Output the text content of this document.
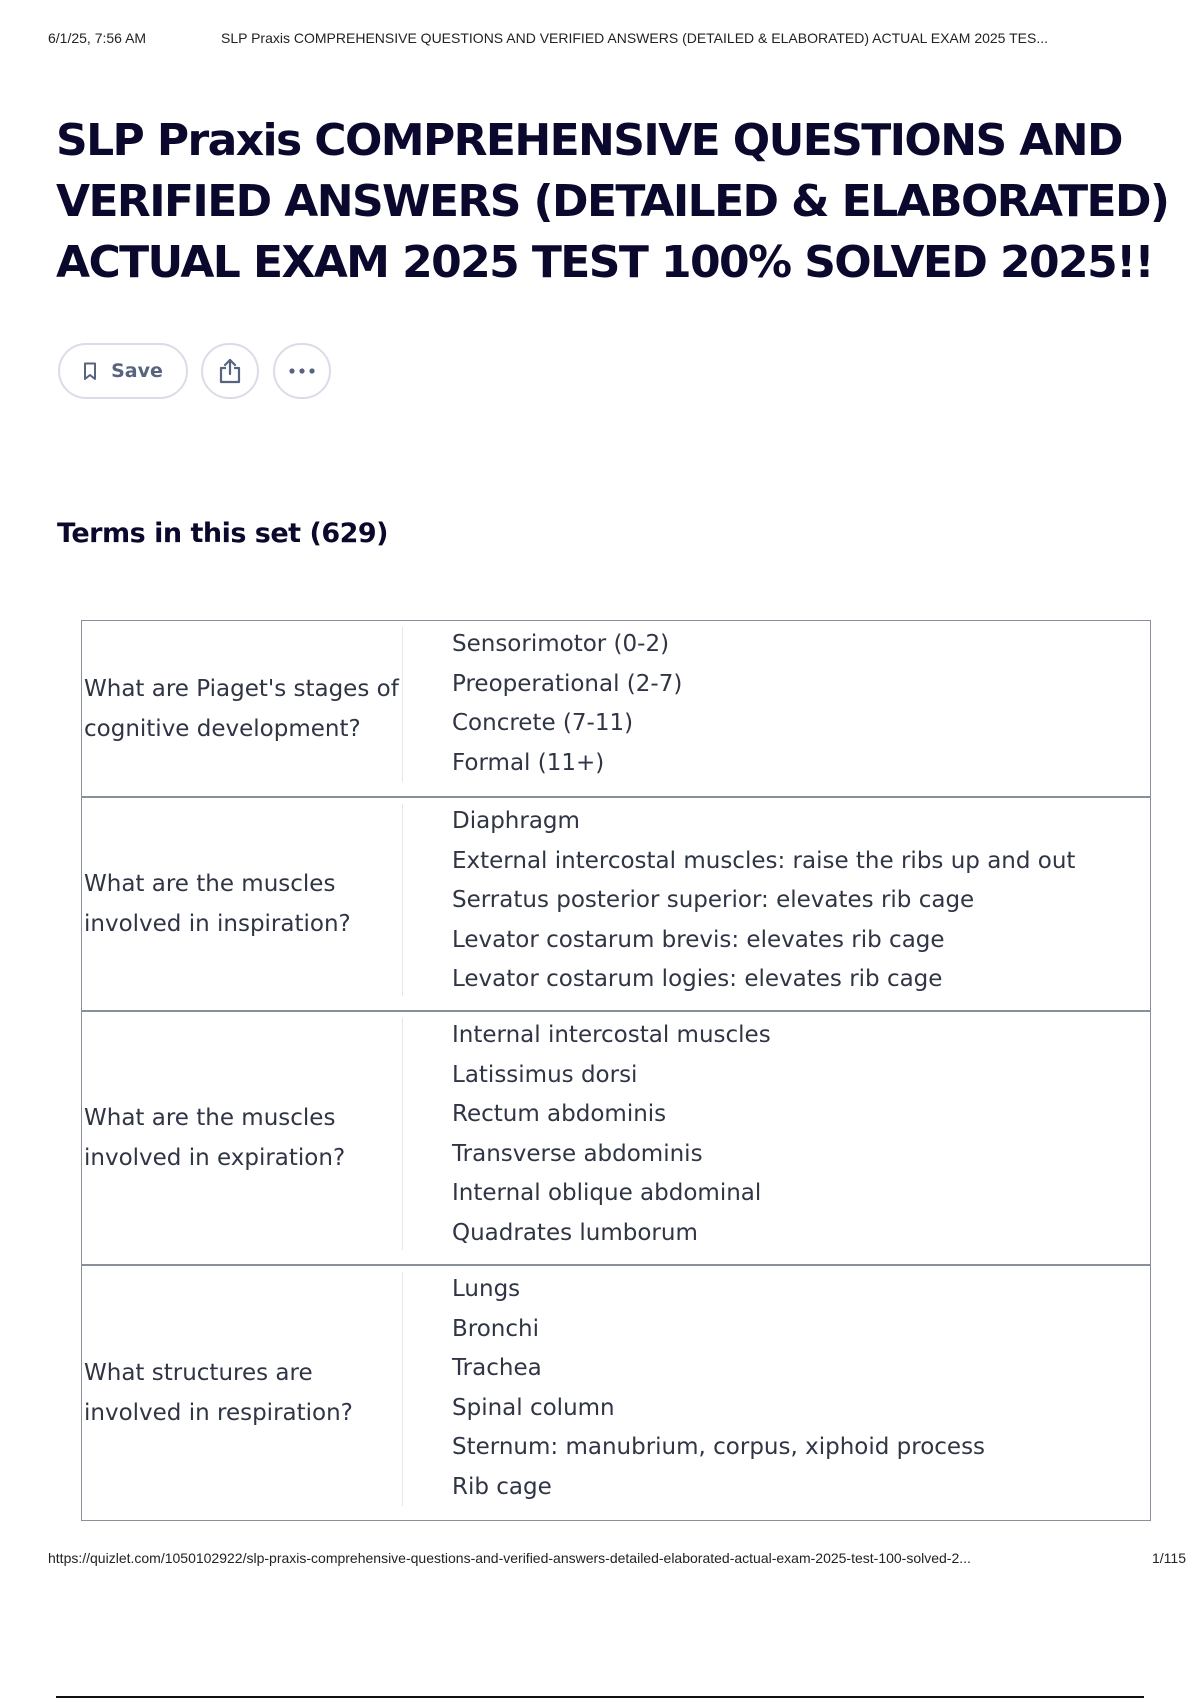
6/1/25, 7:56 AM	SLP Praxis COMPREHENSIVE QUESTIONS AND VERIFIED ANSWERS (DETAILED & ELABORATED) ACTUAL EXAM 2025 TES...
SLP Praxis COMPREHENSIVE QUESTIONS AND VERIFIED ANSWERS (DETAILED & ELABORATED) ACTUAL EXAM 2025 TEST 100% SOLVED 2025!!
Save
Terms in this set (629)
What are Piaget's stages of cognitive development?
Sensorimotor (0-2)
Preoperational (2-7)
Concrete (7-11)
Formal (11+)
What are the muscles involved in inspiration?
Diaphragm
External intercostal muscles: raise the ribs up and out
Serratus posterior superior: elevates rib cage
Levator costarum brevis: elevates rib cage
Levator costarum logies: elevates rib cage
What are the muscles involved in expiration?
Internal intercostal muscles
Latissimus dorsi
Rectum abdominis
Transverse abdominis
Internal oblique abdominal
Quadrates lumborum
What structures are involved in respiration?
Lungs
Bronchi
Trachea
Spinal column
Sternum: manubrium, corpus, xiphoid process
Rib cage
https://quizlet.com/1050102922/slp-praxis-comprehensive-questions-and-verified-answers-detailed-elaborated-actual-exam-2025-test-100-solved-2...	1/115
